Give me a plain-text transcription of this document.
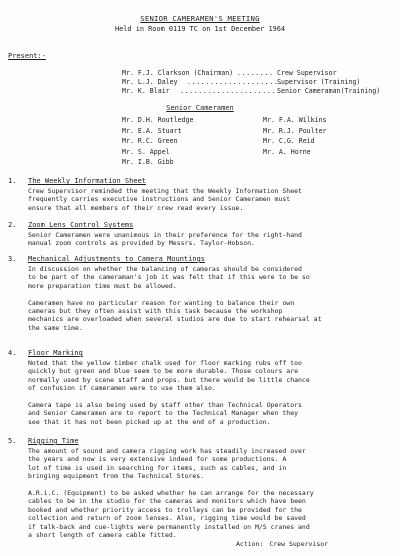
SENIOR CAMERAMEN'S MEETING
Held in Room 0119 TC on 1st December 1964
Present:-
Mr. F.J. Clarkson (Chairman) ........ Crew Supervisor
Mr. L.J. Daley .....................Supervisor (Training)
Mr. K. Blair .......................Senior Cameraman(Training)
Senior Cameramen
Mr. D.H. Routledge
Mr. E.A. Stuart
Mr. R.C. Green
Mr. S. Appel
Mr. I.B. Gibb
Mr. F.A. Wilkins
Mr. R.J. Poulter
Mr. C.G. Reid
Mr. A. Horne
1. The Weekly Information Sheet
Crew Supervisor reminded the meeting that the Weekly Information Sheet
frequently carries executive instructions and Senior Cameramen must
ensure that all members of their crew read every issue.
2. Zoom Lens Control Systems
Senior Cameramen were unanimous in their preference for the right-hand
manual zoom controls as provided by Messrs. Taylor-Hobson.
3. Mechanical Adjustments to Camera Mountings
In discussion on whether the balancing of cameras should be considered
to be part of the cameraman's job it was felt that if this were to be so
more preparation time must be allowed.
Cameramen have no particular reason for wanting to balance their own
cameras but they often assist with this task because the workshop
mechanics are overloaded when several studios are due to start rehearsal at
the same time.
4. Floor Marking
Noted that the yellow timber chalk used for floor marking rubs off too
quickly but green and blue seem to be more durable. Those colours are
normally used by scene staff and props. but there would be little chance
of confusion if cameramen were to use them also.
Camera tape is also being used by staff other than Technical Operators
and Senior Cameramen are to report to the Technical Manager when they
see that it has not been picked up at the end of a production.
5. Rigging Time
The amount of sound and camera rigging work has steadily increased over
the years and now is very extensive indeed for some productions. A
lot of time is used in searching for items, such as cables, and in
bringing equipment from the Technical Stores.
A.R.i.C. (Equipment) to be asked whether he can arrange for the necessary
cables to be in the studio for the cameras and monitors which have been
booked and whether priority access to trolleys can be provided for the
collection and return of zoom lenses. Also, rigging time would be saved
if talk-back and cue-lights were permanently installed on M/S cranes and
a short length of camera cable fitted.
Action: Crew Supervisor
